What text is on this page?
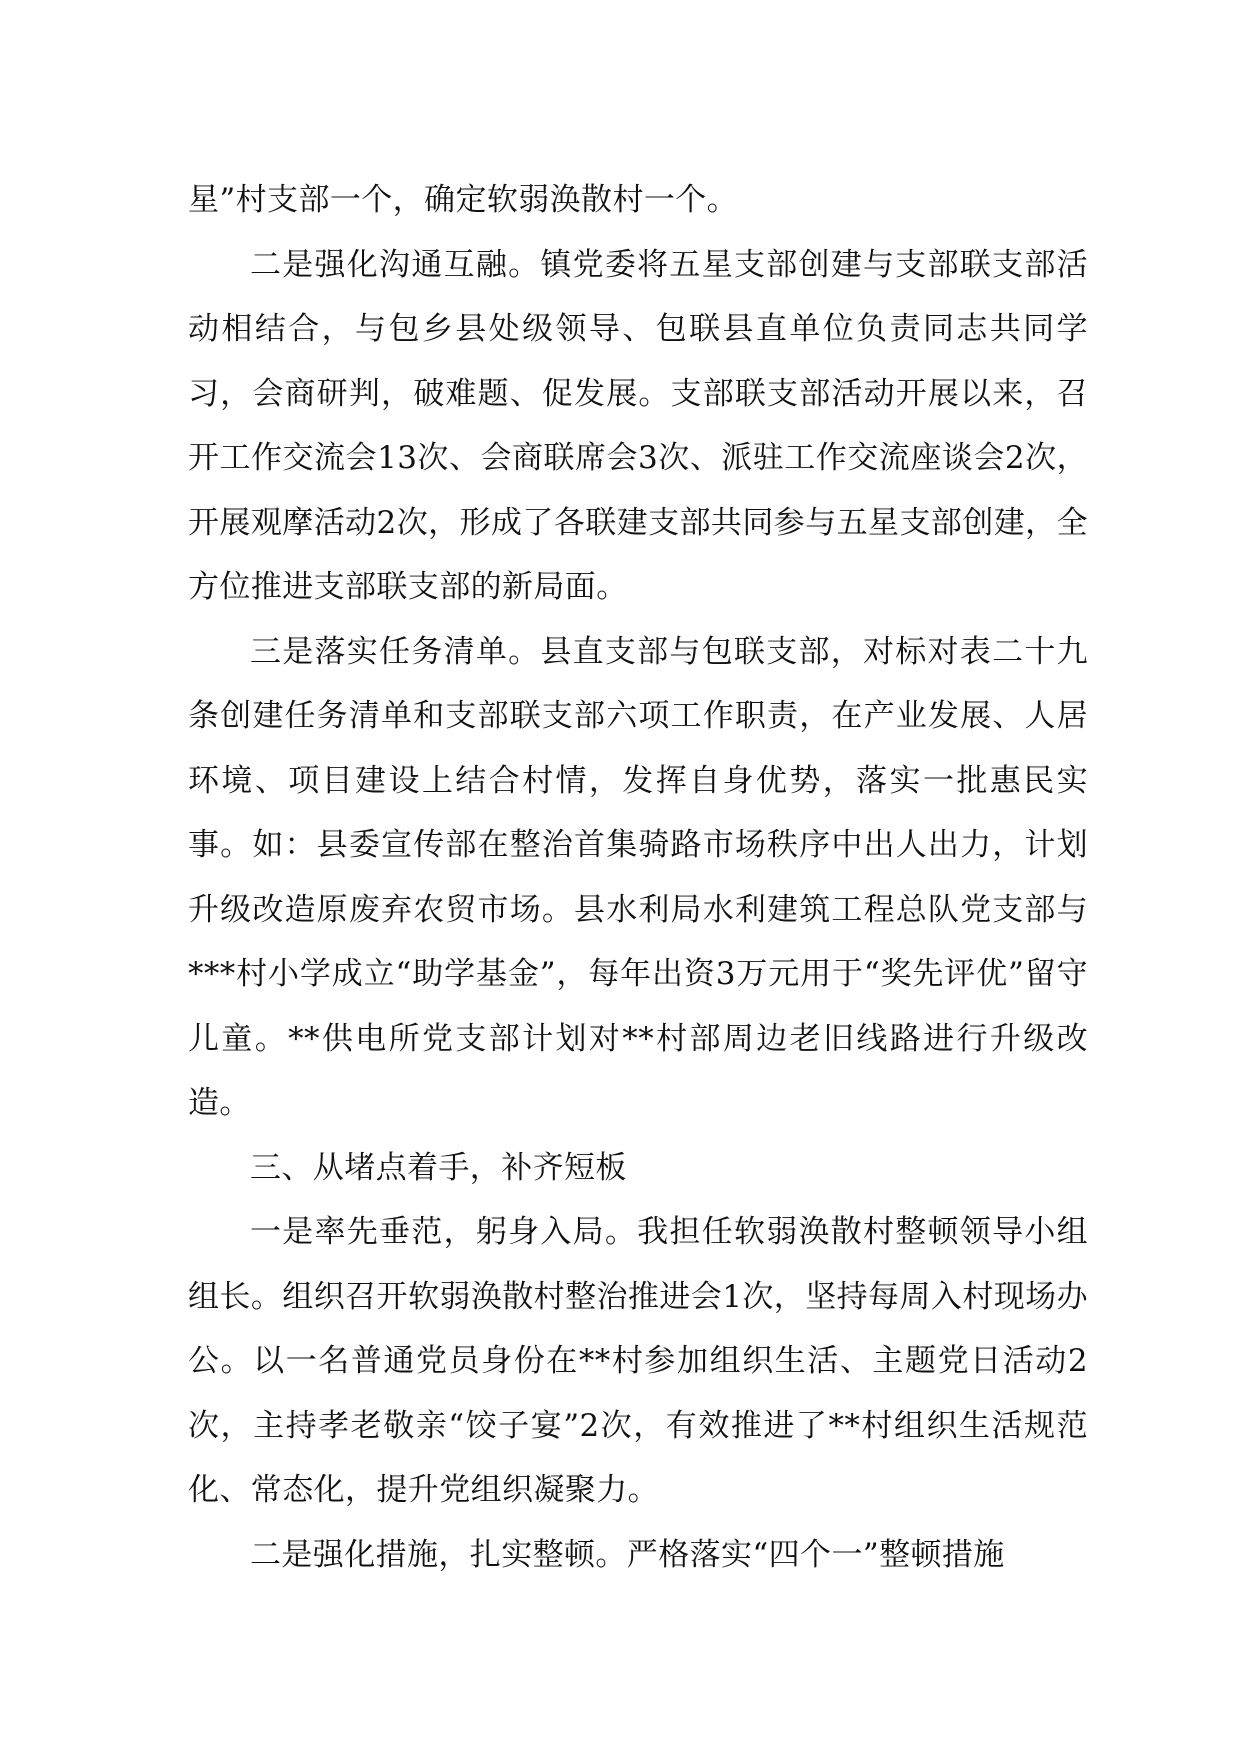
星”村支部一个，确定软弱涣散村一个。

二是强化沟通互融。镇党委将五星支部创建与支部联支部活动相结合，与包乡县处级领导、包联县直单位负责同志共同学习，会商研判，破难题、促发展。支部联支部活动开展以来，召开工作交流会13次、会商联席会3次、派驻工作交流座谈会2次，开展观摩活动2次，形成了各联建支部共同参与五星支部创建，全方位推进支部联支部的新局面。

三是落实任务清单。县直支部与包联支部，对标对表二十九条创建任务清单和支部联支部六项工作职责，在产业发展、人居环境、项目建设上结合村情，发挥自身优势，落实一批惠民实事。如：县委宣传部在整治首集骑路市场秩序中出人出力，计划升级改造原废弃农贸市场。县水利局水利建筑工程总队党支部与***村小学成立“助学基金”，每年出资3万元用于“奖先评优”留守儿童。**供电所党支部计划对**村部周边老旧线路进行升级改造。

三、从堵点着手，补齐短板

一是率先垂范，躬身入局。我担任软弱涣散村整顿领导小组组长。组织召开软弱涣散村整治推进会1次，坚持每周入村现场办公。以一名普通党员身份在**村参加组织生活、主题党日活动2次，主持孝老敬亲“饺子宴”2次，有效推进了**村组织生活规范化、常态化，提升党组织凝聚力。

二是强化措施，扎实整顿。严格落实“四个一”整顿措施
